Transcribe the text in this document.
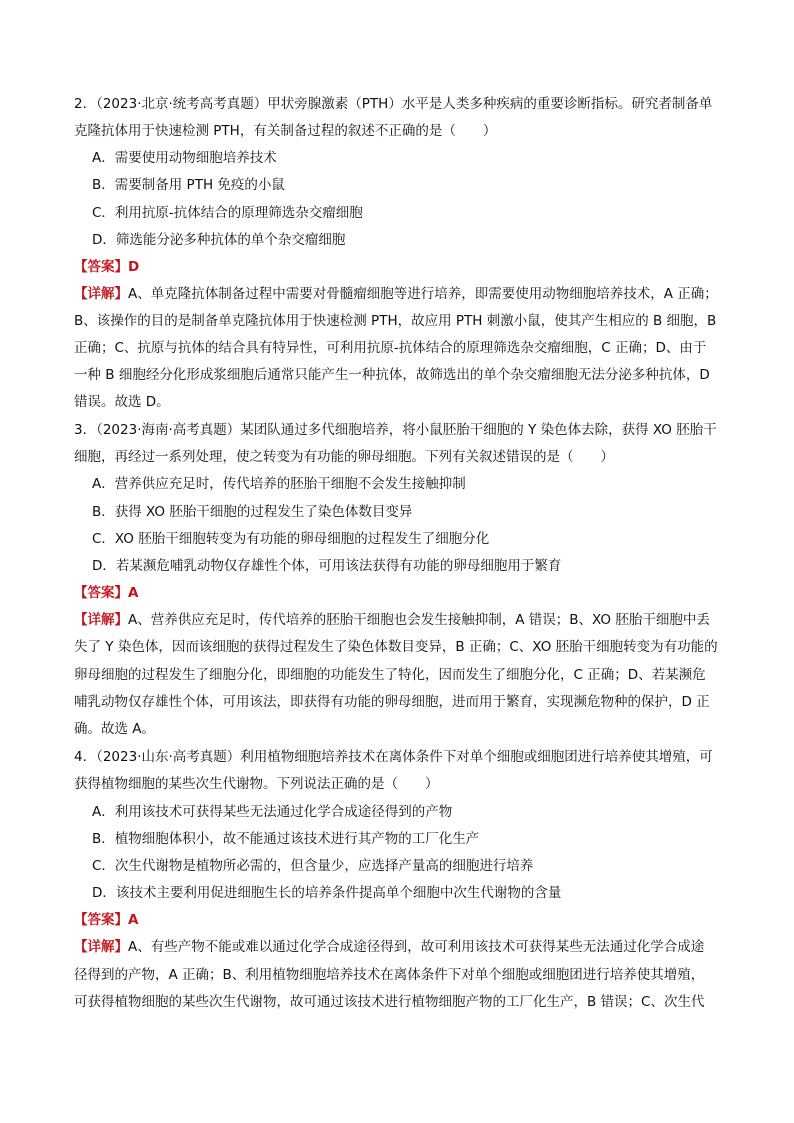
2．（2023·北京·统考高考真题）甲状旁腺激素（PTH）水平是人类多种疾病的重要诊断指标。研究者制备单
克隆抗体用于快速检测 PTH，有关制备过程的叙述不正确的是（　　）
A．需要使用动物细胞培养技术
B．需要制备用 PTH 免疫的小鼠
C．利用抗原-抗体结合的原理筛选杂交瘤细胞
D．筛选能分泌多种抗体的单个杂交瘤细胞
【答案】D
【详解】A、单克隆抗体制备过程中需要对骨髓瘤细胞等进行培养，即需要使用动物细胞培养技术，A 正确；
B、该操作的目的是制备单克隆抗体用于快速检测 PTH，故应用 PTH 刺激小鼠，使其产生相应的 B 细胞，B
正确；C、抗原与抗体的结合具有特异性，可利用抗原-抗体结合的原理筛选杂交瘤细胞，C 正确；D、由于
一种 B 细胞经分化形成浆细胞后通常只能产生一种抗体，故筛选出的单个杂交瘤细胞无法分泌多种抗体，D
错误。故选 D。
3．（2023·海南·高考真题）某团队通过多代细胞培养，将小鼠胚胎干细胞的 Y 染色体去除，获得 XO 胚胎干
细胞，再经过一系列处理，使之转变为有功能的卵母细胞。下列有关叙述错误的是（　　）
A．营养供应充足时，传代培养的胚胎干细胞不会发生接触抑制
B．获得 XO 胚胎干细胞的过程发生了染色体数目变异
C．XO 胚胎干细胞转变为有功能的卵母细胞的过程发生了细胞分化
D．若某濒危哺乳动物仅存雄性个体，可用该法获得有功能的卵母细胞用于繁育
【答案】A
【详解】A、营养供应充足时，传代培养的胚胎干细胞也会发生接触抑制，A 错误；B、XO 胚胎干细胞中丢
失了 Y 染色体，因而该细胞的获得过程发生了染色体数目变异，B 正确；C、XO 胚胎干细胞转变为有功能的
卵母细胞的过程发生了细胞分化，即细胞的功能发生了特化，因而发生了细胞分化，C 正确；D、若某濒危
哺乳动物仅存雄性个体，可用该法，即获得有功能的卵母细胞，进而用于繁育，实现濒危物种的保护，D 正
确。故选 A。
4．（2023·山东·高考真题）利用植物细胞培养技术在离体条件下对单个细胞或细胞团进行培养使其增殖，可
获得植物细胞的某些次生代谢物。下列说法正确的是（　　）
A．利用该技术可获得某些无法通过化学合成途径得到的产物
B．植物细胞体积小，故不能通过该技术进行其产物的工厂化生产
C．次生代谢物是植物所必需的，但含量少，应选择产量高的细胞进行培养
D．该技术主要利用促进细胞生长的培养条件提高单个细胞中次生代谢物的含量
【答案】A
【详解】A、有些产物不能或难以通过化学合成途径得到，故可利用该技术可获得某些无法通过化学合成途
径得到的产物，A 正确；B、利用植物细胞培养技术在离体条件下对单个细胞或细胞团进行培养使其增殖，
可获得植物细胞的某些次生代谢物，故可通过该技术进行植物细胞产物的工厂化生产，B 错误；C、次生代
